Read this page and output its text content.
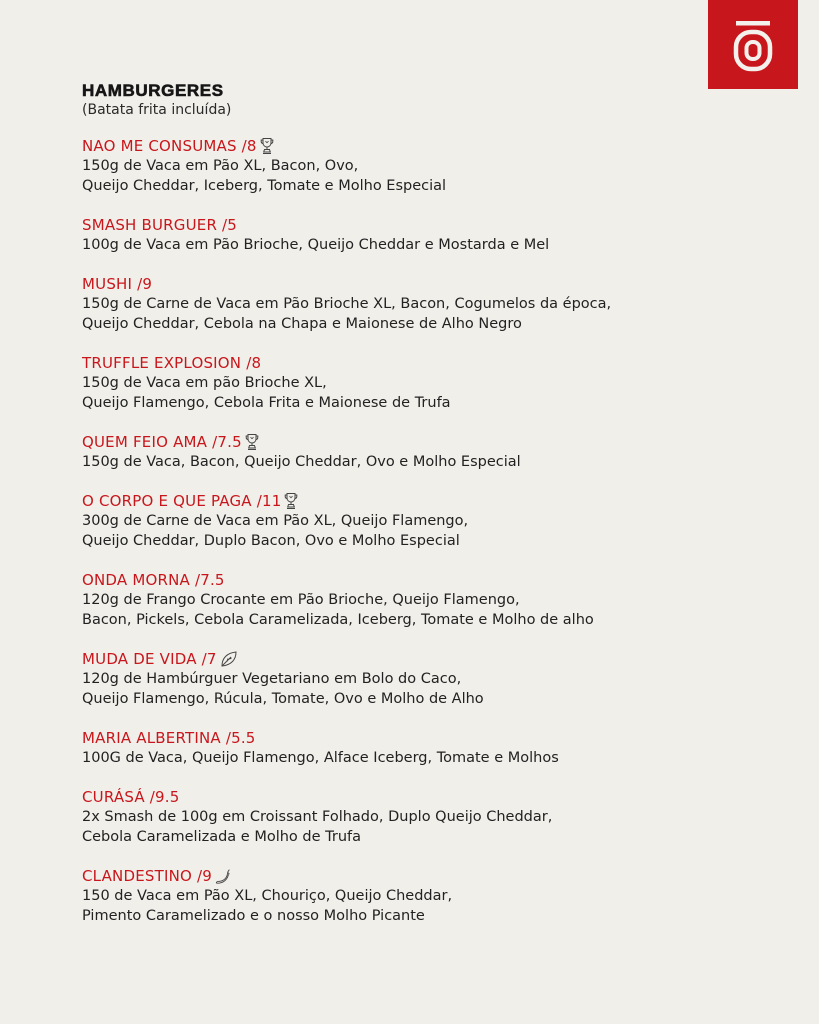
HAMBURGERES

(Batata frita incluída)

NAO ME CONSUMAS /8

150g de Vaca em Pão XL, Bacon, Ovo,

Queijo Cheddar, Iceberg, Tomate e Molho Especial

SMASH BURGUER /5

100g de Vaca em Pão Brioche, Queijo Cheddar e Mostarda e Mel

MUSHI /9

150g de Carne de Vaca em Pão Brioche XL, Bacon, Cogumelos da época,

Queijo Cheddar, Cebola na Chapa e Maionese de Alho Negro

TRUFFLE EXPLOSION /8

150g de Vaca em pão Brioche XL,

Queijo Flamengo, Cebola Frita e Maionese de Trufa

QUEM FEIO AMA /7.5

150g de Vaca, Bacon, Queijo Cheddar, Ovo e Molho Especial

O CORPO E QUE PAGA /11

300g de Carne de Vaca em Pão XL, Queijo Flamengo,

Queijo Cheddar, Duplo Bacon, Ovo e Molho Especial

ONDA MORNA /7.5

120g de Frango Crocante em Pão Brioche, Queijo Flamengo,

Bacon, Pickels, Cebola Caramelizada, Iceberg, Tomate e Molho de alho

MUDA DE VIDA /7

120g de Hambúrguer Vegetariano em Bolo do Caco,

Queijo Flamengo, Rúcula, Tomate, Ovo e Molho de Alho

MARIA ALBERTINA /5.5

100G de Vaca, Queijo Flamengo, Alface Iceberg, Tomate e Molhos

CURÁSÁ /9.5

2x Smash de 100g em Croissant Folhado, Duplo Queijo Cheddar,

Cebola Caramelizada e Molho de Trufa

CLANDESTINO /9

150 de Vaca em Pão XL, Chouriço, Queijo Cheddar,

Pimento Caramelizado e o nosso Molho Picante
